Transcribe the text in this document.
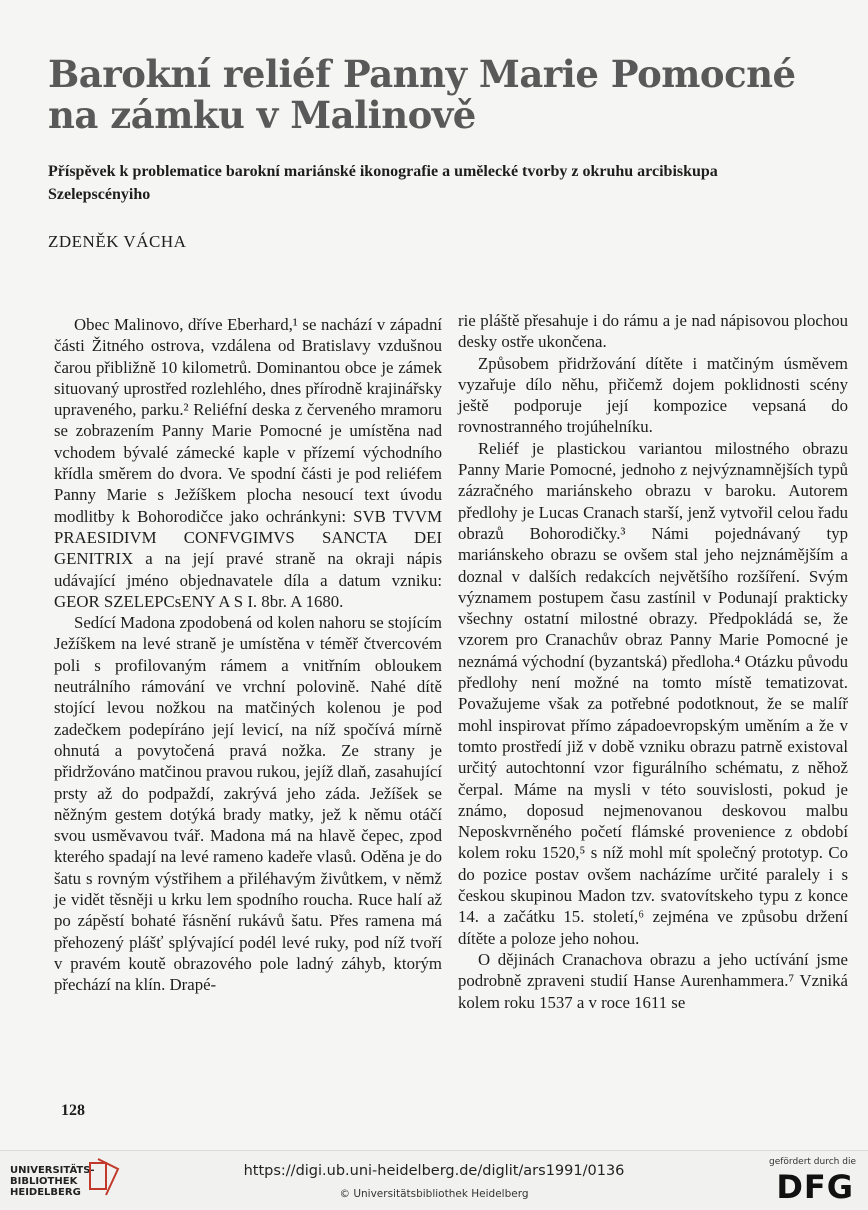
Barokní reliéf Panny Marie Pomocné
na zámku v Malinově

Příspěvek k problematice barokní mariánské ikonografie a umělecké tvorby z okruhu arcibiskupa Szelepscényiho

ZDENĚK VÁCHA

Obec Malinovo, dříve Eberhard,¹ se nachází v západní části Žitného ostrova, vzdálena od Bratislavy vzdušnou čarou přibližně 10 kilometrů. Dominantou obce je zámek situovaný uprostřed rozlehlého, dnes přírodně krajinářsky upraveného, parku.² Reliéfní deska z červeného mramoru se zobrazením Panny Marie Pomocné je umístěna nad vchodem bývalé zámecké kaple v přízemí východního křídla směrem do dvora. Ve spodní části je pod reliéfem Panny Marie s Ježíškem plocha nesoucí text úvodu modlitby k Bohorodičce jako ochránkyni: SVB TVVM PRAESIDIVM CONFVGIMVS SANCTA DEI GENITRIX a na její pravé straně na okraji nápis udávající jméno objednavatele díla a datum vzniku: GEOR SZELEPCsENY A S I. 8br. A 1680.

Sedící Madona zpodobená od kolen nahoru se stojícím Ježíškem na levé straně je umístěna v téměř čtvercovém poli s profilovaným rámem a vnitřním obloukem neutrálního rámování ve vrchní polovině. Nahé dítě stojící levou nožkou na matčiných kolenou je pod zadečkem podepíráno její levicí, na níž spočívá mírně ohnutá a povytočená pravá nožka. Ze strany je přidržováno matčinou pravou rukou, jejíž dlaň, zasahující prsty až do podpaždí, zakrývá jeho záda. Ježíšek se něžným gestem dotýká brady matky, jež k němu otáčí svou usměvavou tvář. Madona má na hlavě čepec, zpod kterého spadají na levé rameno kadeře vlasů. Oděna je do šatu s rovným výstřihem a přiléhavým živůtkem, v němž je vidět těsněji u krku lem spodního roucha. Ruce halí až po zápěstí bohaté řásnění rukávů šatu. Přes ramena má přehozený plášť splývající podél levé ruky, pod níž tvoří v pravém koutě obrazového pole ladný záhyb, ktorým přechází na klín. Drapé-

rie pláště přesahuje i do rámu a je nad nápisovou plochou desky ostře ukončena.

Způsobem přidržování dítěte i matčiným úsměvem vyzařuje dílo něhu, přičemž dojem poklidnosti scény ještě podporuje její kompozice vepsaná do rovnostranného trojúhelníku.

Reliéf je plastickou variantou milostného obrazu Panny Marie Pomocné, jednoho z nejvýznamnějších typů zázračného mariánskeho obrazu v baroku. Autorem předlohy je Lucas Cranach starší, jenž vytvořil celou řadu obrazů Bohorodičky.³ Námi pojednávaný typ mariánskeho obrazu se ovšem stal jeho nejznámějším a doznal v dalších redakcích největšího rozšíření. Svým významem postupem času zastínil v Podunají prakticky všechny ostatní milostné obrazy. Předpokládá se, že vzorem pro Cranachův obraz Panny Marie Pomocné je neznámá východní (byzantská) předloha.⁴ Otázku původu předlohy není možné na tomto místě tematizovat. Považujeme však za potřebné podotknout, že se malíř mohl inspirovat přímo západoevropským uměním a že v tomto prostředí již v době vzniku obrazu patrně existoval určitý autochtonní vzor figurálního schématu, z něhož čerpal. Máme na mysli v této souvislosti, pokud je známo, doposud nejmenovanou deskovou malbu Neposkvrněného početí flámské provenience z období kolem roku 1520,⁵ s níž mohl mít společný prototyp. Co do pozice postav ovšem nacházíme určité paralely i s českou skupinou Madon tzv. svatovítskeho typu z konce 14. a začátku 15. století,⁶ zejména ve způsobu držení dítěte a poloze jeho nohou.

O dějinách Cranachova obrazu a jeho uctívání jsme podrobně zpraveni studií Hanse Aurenhammera.⁷ Vzniká kolem roku 1537 a v roce 1611 se

128
UNIVERSITÄTS-
BIBLIOTHEK
HEIDELBERG
https://digi.ub.uni-heidelberg.de/diglit/ars1991/0136
© Universitätsbibliothek Heidelberg
gefördert durch die
DFG
